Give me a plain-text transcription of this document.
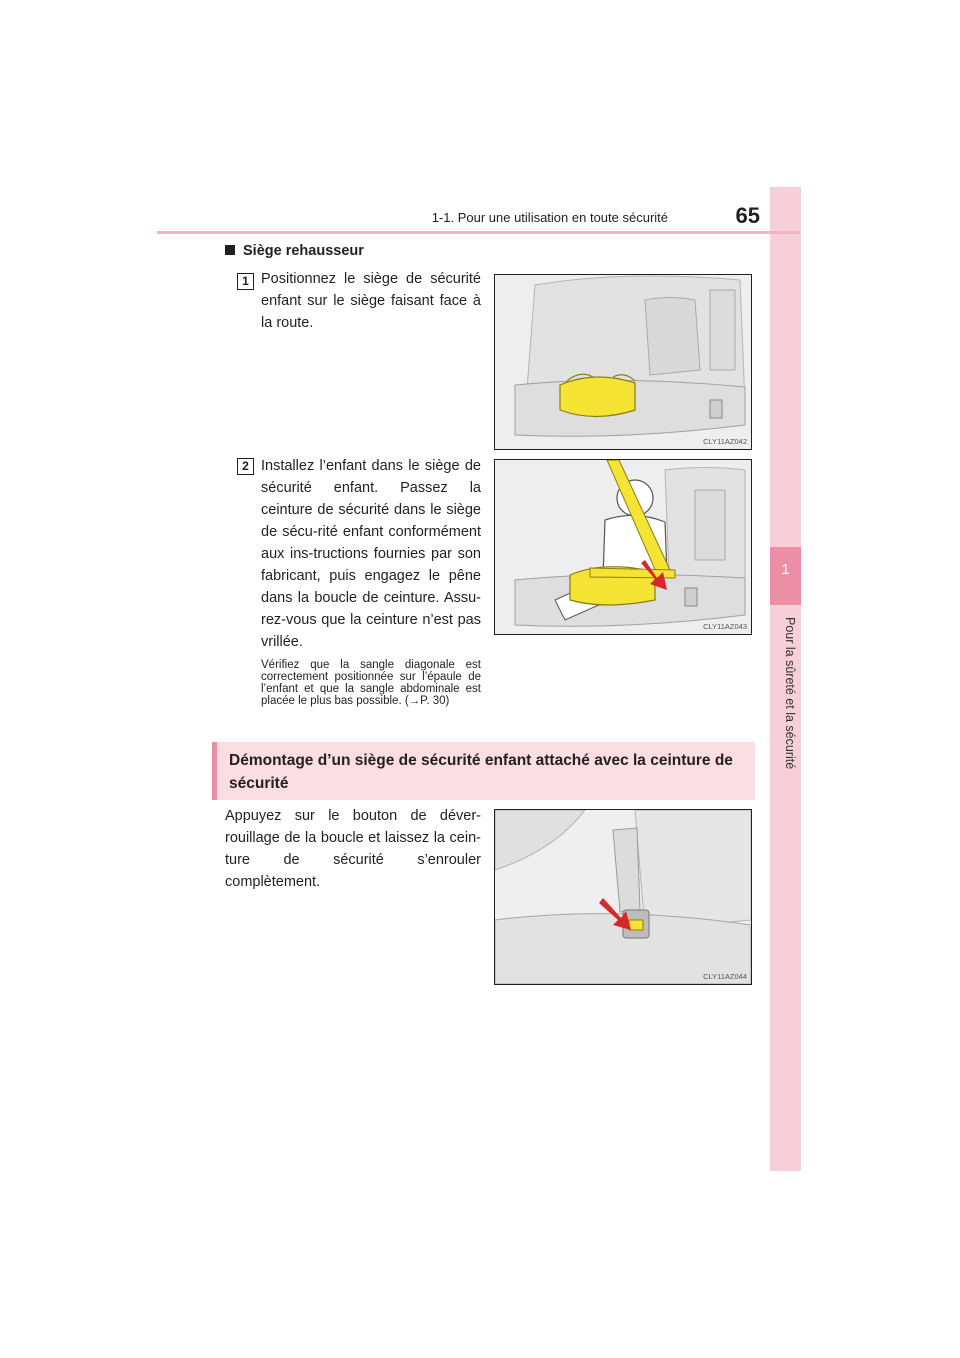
1
Pour la sûreté et la sécurité
1-1. Pour une utilisation en toute sécurité	65
Siège rehausseur
1 Positionnez le siège de sécurité enfant sur le siège faisant face à la route.
CLY11AZ042
2 Installez l’enfant dans le siège de sécurité enfant. Passez la ceinture de sécurité dans le siège de sécu-rité enfant conformément aux ins-tructions fournies par son fabricant, puis engagez le pêne dans la boucle de ceinture. Assu-rez-vous que la ceinture n’est pas vrillée.
Vérifiez que la sangle diagonale est correctement positionnée sur l’épaule de l’enfant et que la sangle abdominale est placée le plus bas possible. (→P. 30)
CLY11AZ043
Démontage d’un siège de sécurité enfant attaché avec la ceinture de sécurité
Appuyez sur le bouton de déver-rouillage de la boucle et laissez la cein-ture de sécurité s’enrouler complètement.
CLY11AZ044
